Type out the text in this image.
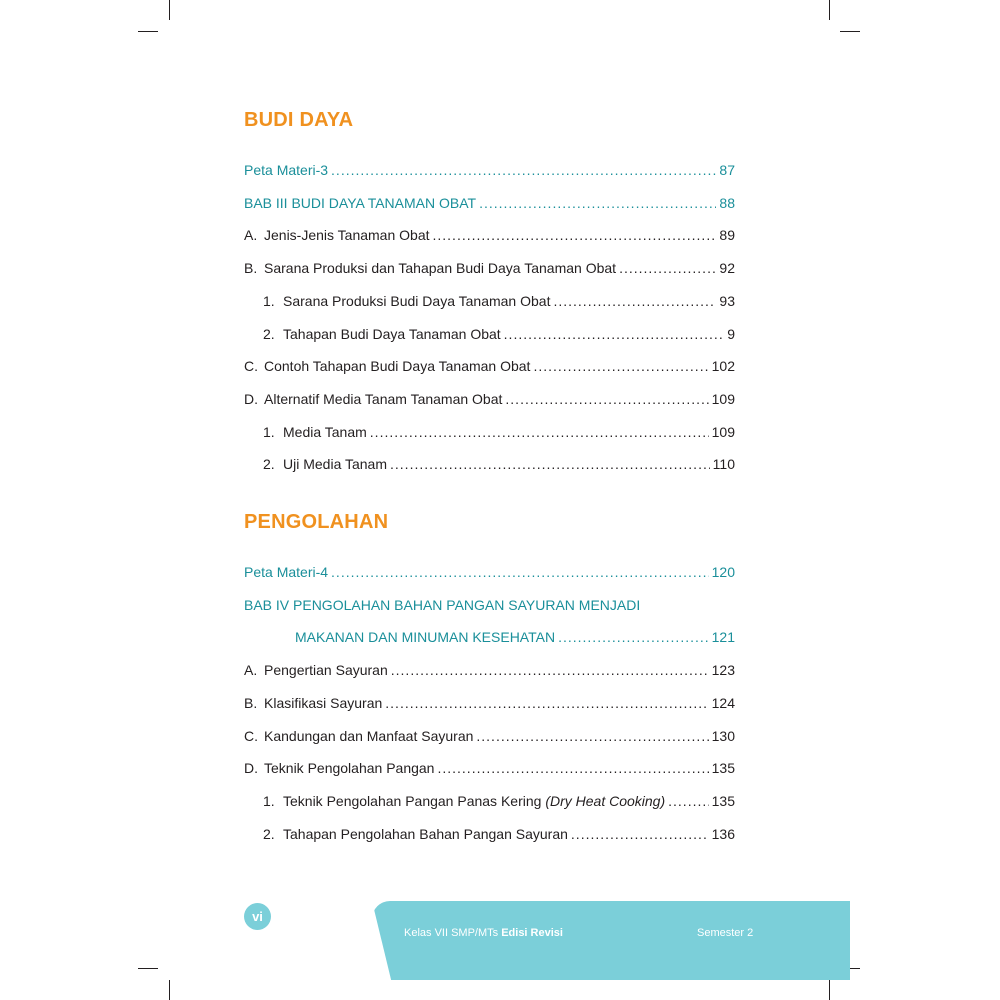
BUDI DAYA
Peta Materi-3 .....	87
BAB III BUDI DAYA TANAMAN OBAT .....	88
A. Jenis-Jenis Tanaman Obat .....	89
B. Sarana Produksi dan Tahapan Budi Daya Tanaman Obat .....	92
1. Sarana Produksi Budi Daya Tanaman Obat .....	93
2. Tahapan Budi Daya Tanaman Obat .....	9
C. Contoh Tahapan Budi Daya Tanaman Obat .....	102
D. Alternatif Media Tanam Tanaman Obat .....	109
1. Media Tanam .....	109
2. Uji Media Tanam .....	110
PENGOLAHAN
Peta Materi-4 .....	120
BAB IV PENGOLAHAN BAHAN PANGAN SAYURAN MENJADI
MAKANAN DAN MINUMAN KESEHATAN .....	121
A. Pengertian Sayuran .....	123
B. Klasifikasi Sayuran .....	124
C. Kandungan dan Manfaat Sayuran .....	130
D. Teknik Pengolahan Pangan .....	135
1. Teknik Pengolahan Pangan Panas Kering (Dry Heat Cooking) .....	135
2. Tahapan Pengolahan Bahan Pangan Sayuran .....	136
vi
Kelas VII SMP/MTs Edisi Revisi	Semester 2
